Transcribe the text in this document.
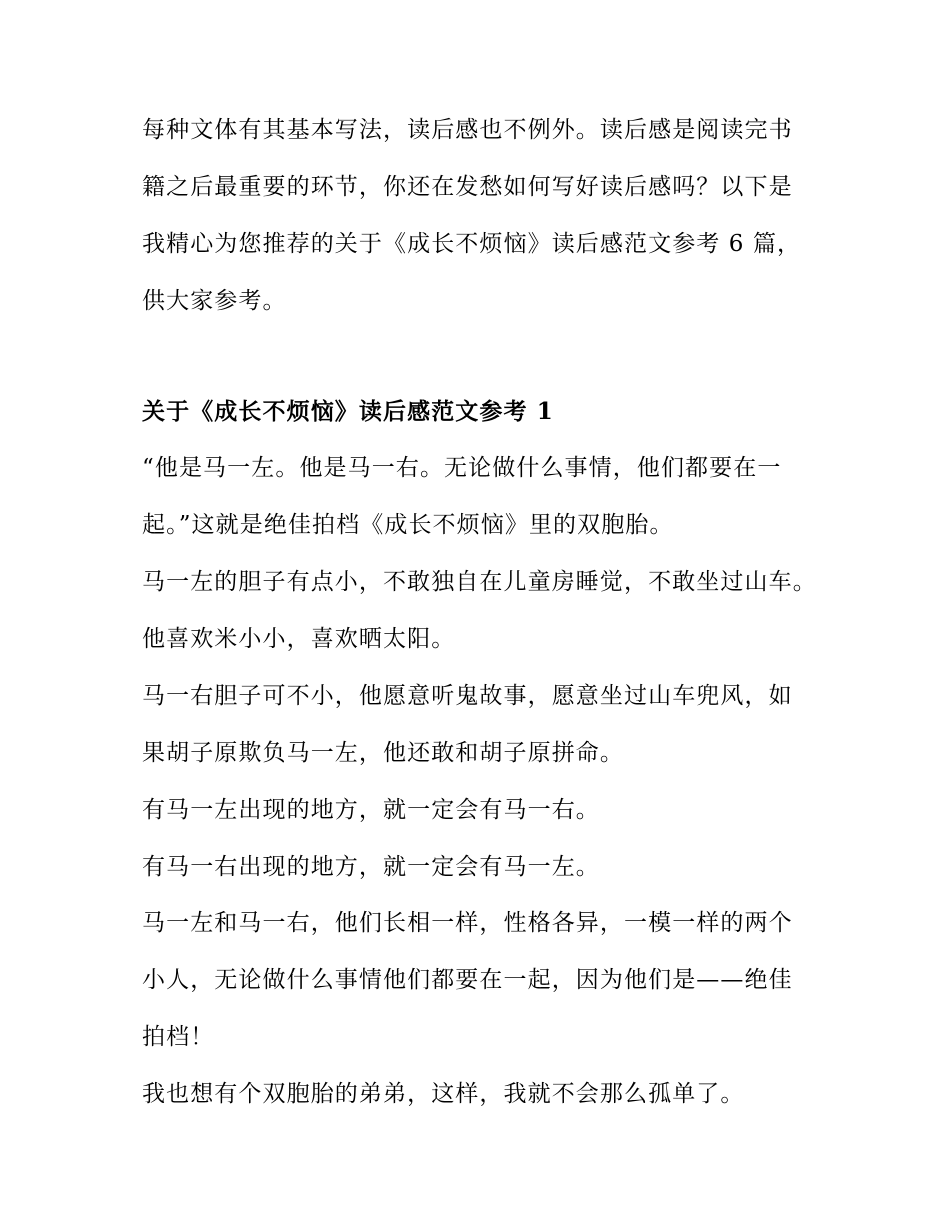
每种文体有其基本写法，读后感也不例外。读后感是阅读完书

籍之后最重要的环节，你还在发愁如何写好读后感吗？以下是

我精心为您推荐的关于《成长不烦恼》读后感范文参考 6 篇，

供大家参考。

关于《成长不烦恼》读后感范文参考 1

“他是马一左。他是马一右。无论做什么事情，他们都要在一

起。”这就是绝佳拍档《成长不烦恼》里的双胞胎。

马一左的胆子有点小，不敢独自在儿童房睡觉，不敢坐过山车。

他喜欢米小小，喜欢晒太阳。

马一右胆子可不小，他愿意听鬼故事，愿意坐过山车兜风，如

果胡子原欺负马一左，他还敢和胡子原拼命。

有马一左出现的地方，就一定会有马一右。

有马一右出现的地方，就一定会有马一左。

马一左和马一右，他们长相一样，性格各异，一模一样的两个

小人，无论做什么事情他们都要在一起，因为他们是——绝佳

拍档！

我也想有个双胞胎的弟弟，这样，我就不会那么孤单了。
